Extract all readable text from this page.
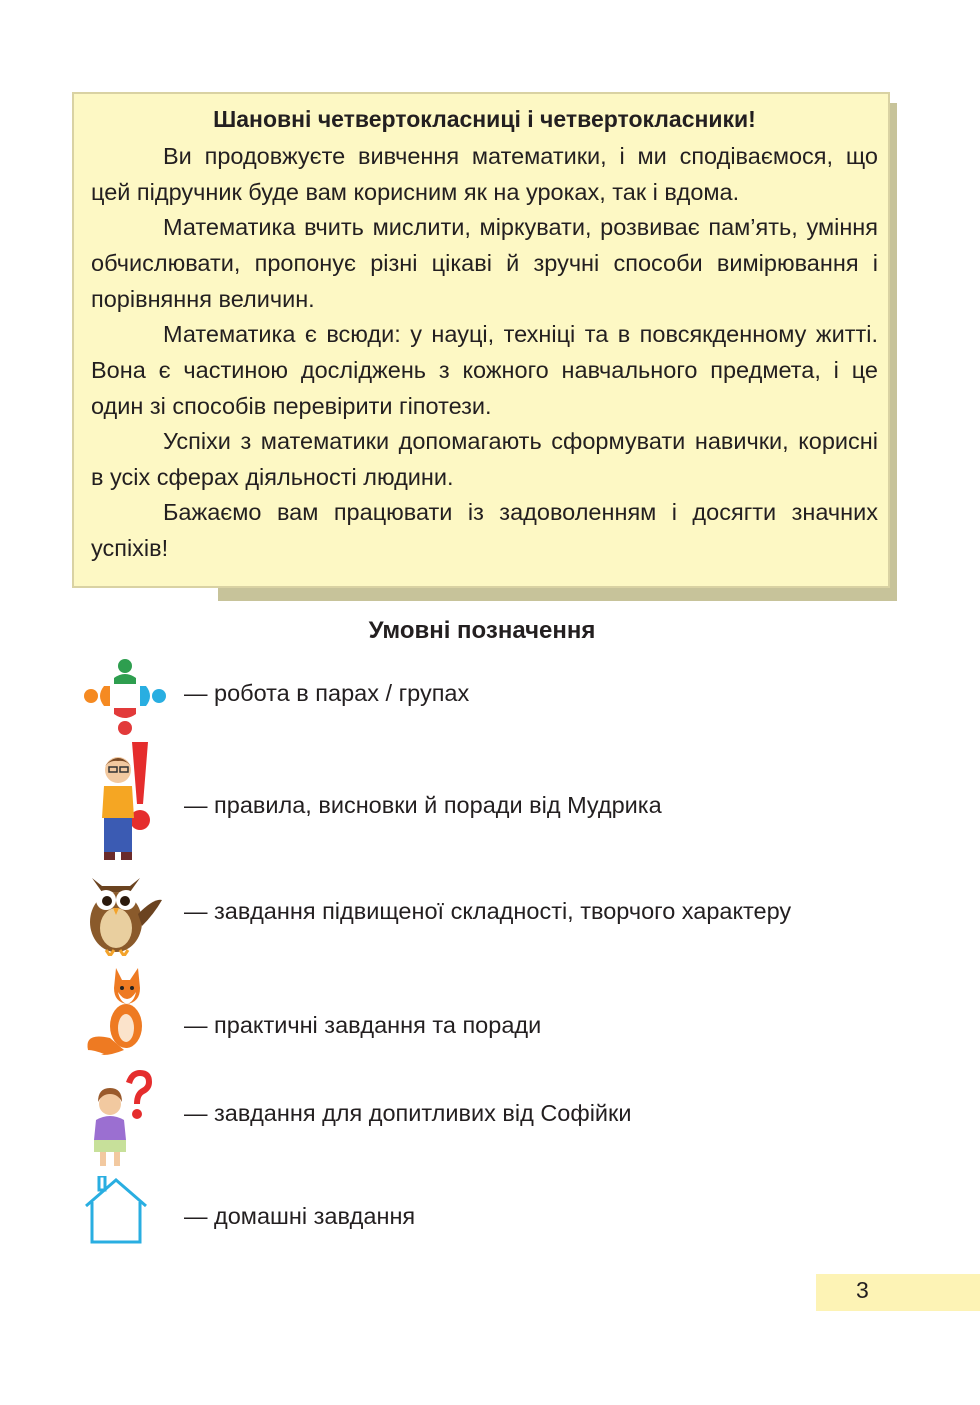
Шановні четвертокласниці і четвертокласники!

Ви продовжуєте вивчення математики, і ми сподіваємося, що цей підручник буде вам корисним як на уроках, так і вдома.

Математика вчить мислити, міркувати, розвиває пам’ять, уміння обчислювати, пропонує різні цікаві й зручні способи вимірювання і порівняння величин.

Математика є всюди: у науці, техніці та в повсякденному житті. Вона є частиною досліджень з кожного навчального предмета, і це один зі способів перевірити гіпотези.

Успіхи з математики допомагають сформувати навички, корисні в усіх сферах діяльності людини.

Бажаємо вам працювати із задоволенням і досягти значних успіхів!

Умовні позначення
— робота в парах / групах
— правила, висновки й поради від Мудрика
— завдання підвищеної складності, творчого характеру
— практичні завдання та поради
— завдання для допитливих від Софійки
— домашні завдання
3
